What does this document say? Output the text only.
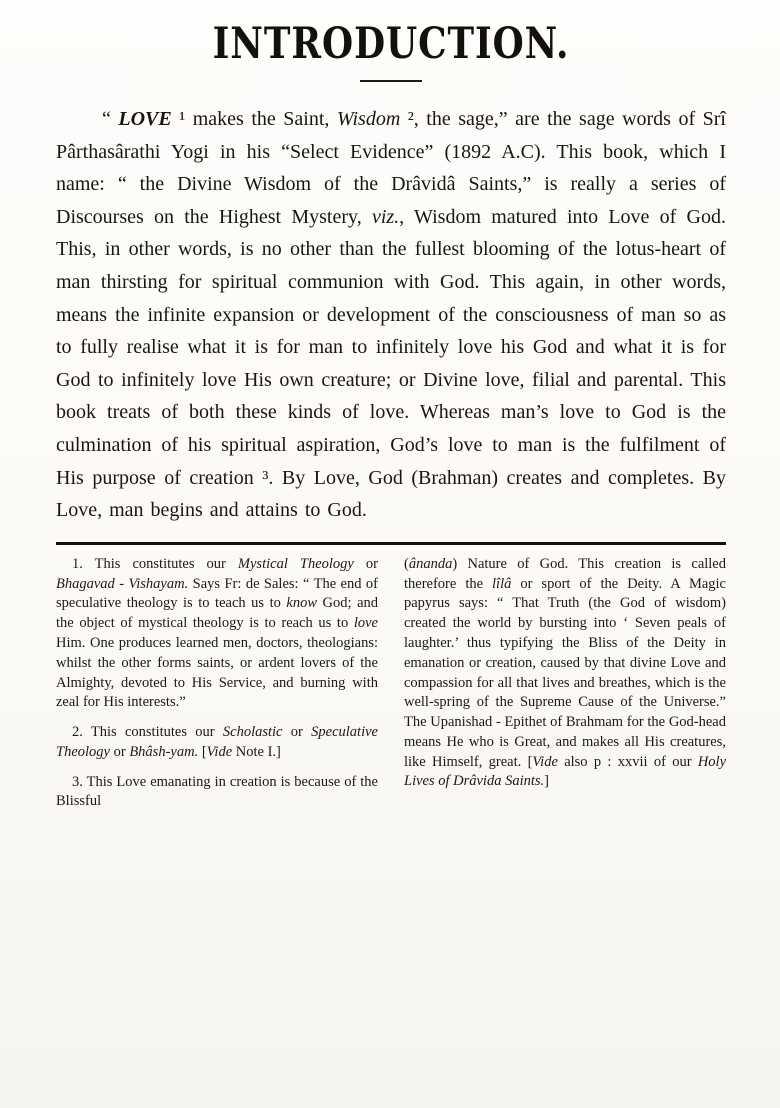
INTRODUCTION.

“ LOVE ¹ makes the Saint, Wisdom ², the sage,” are the sage words of Srî Pârthasârathi Yogi in his “Select Evidence” (1892 A.C). This book, which I name: “ the Divine Wisdom of the Drâvidâ Saints,” is really a series of Discourses on the Highest Mystery, viz., Wisdom matured into Love of God. This, in other words, is no other than the fullest blooming of the lotus-heart of man thirsting for spiritual communion with God. This again, in other words, means the infinite expansion or development of the consciousness of man so as to fully realise what it is for man to infinitely love his God and what it is for God to infinitely love His own creature; or Divine love, filial and parental. This book treats of both these kinds of love. Whereas man’s love to God is the culmination of his spiritual aspiration, God’s love to man is the fulfilment of His purpose of creation ³. By Love, God (Brahman) creates and completes. By Love, man begins and attains to God.

1. This constitutes our Mystical Theology or Bhagavad - Vishayam. Says Fr: de Sales: “ The end of speculative theology is to teach us to know God; and the object of mystical theology is to reach us to love Him. One produces learned men, doctors, theologians: whilst the other forms saints, or ardent lovers of the Almighty, devoted to His Service, and burning with zeal for His interests.”

2. This constitutes our Scholastic or Speculative Theology or Bhâsh-yam. [Vide Note I.]

3. This Love emanating in creation is because of the Blissful

(ânanda) Nature of God. This creation is called therefore the lîlâ or sport of the Deity. A Magic papyrus says: “ That Truth (the God of wisdom) created the world by bursting into ‘ Seven peals of laughter.’ thus typifying the Bliss of the Deity in emanation or creation, caused by that divine Love and compassion for all that lives and breathes, which is the well-spring of the Supreme Cause of the Universe.” The Upanishad - Epithet of Brahmam for the God-head means He who is Great, and makes all His creatures, like Himself, great. [Vide also p : xxvii of our Holy Lives of Drâvida Saints.]
